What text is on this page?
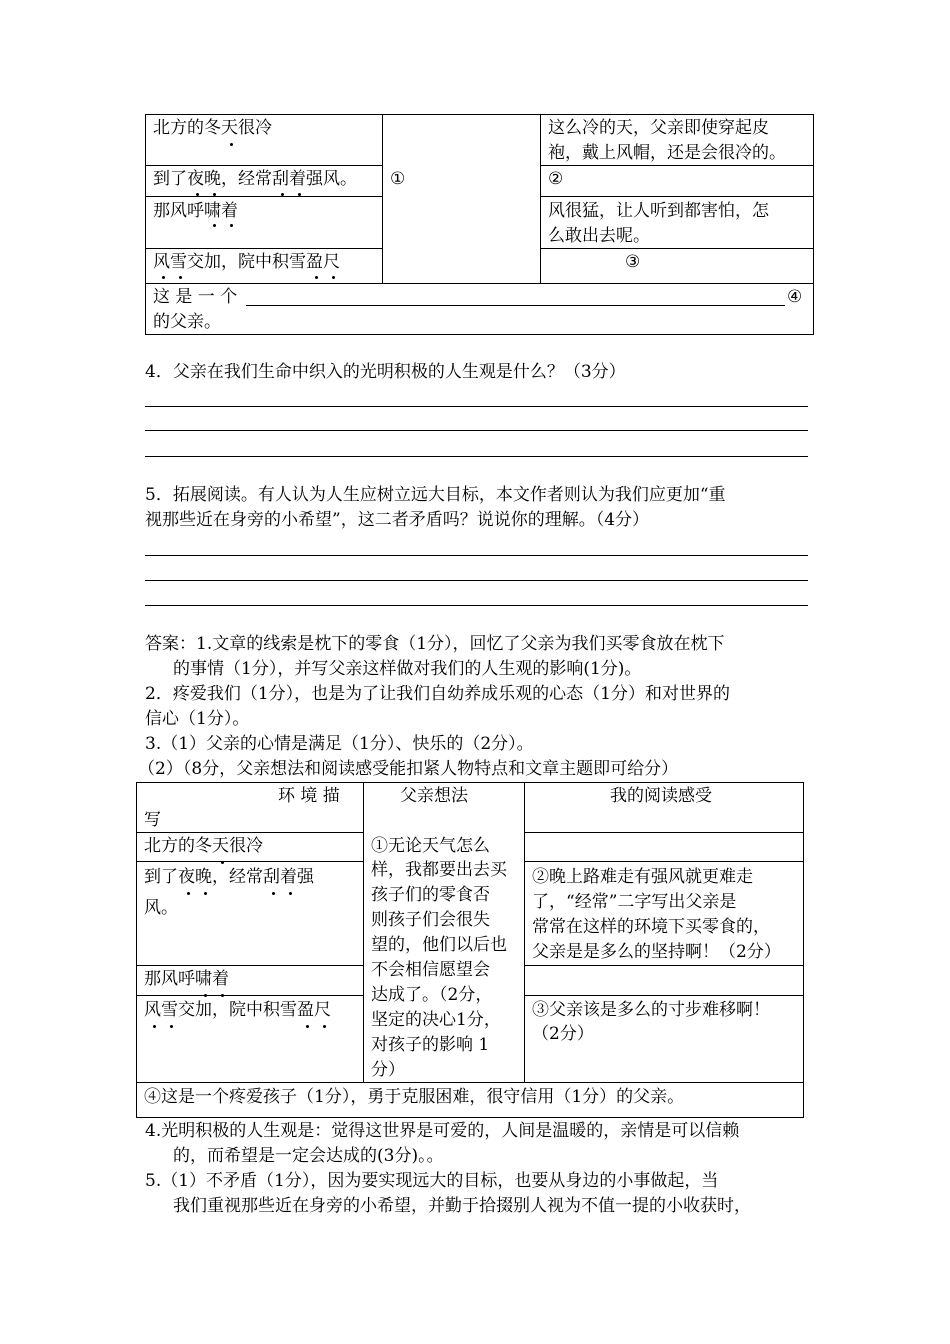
北方的冬天很冷
到了夜晚，经常刮着强风。
那风呼啸着
风雪交加，院中积雪盈尺
①
这么冷的天，父亲即使穿起皮
袍，戴上风帽，还是会很冷的。
②
风很猛，让人听到都害怕，怎
么敢出去呢。
③
这 是 一 个	④
的父亲。
4．父亲在我们生命中织入的光明积极的人生观是什么？（3分）
5．拓展阅读。有人认为人生应树立远大目标，本文作者则认为我们应更加“重
视那些近在身旁的小希望”，这二者矛盾吗？说说你的理解。（4分）
答案：1.文章的线索是枕下的零食（1分），回忆了父亲为我们买零食放在枕下
的事情（1分），并写父亲这样做对我们的人生观的影响(1分)。
2．疼爱我们（1分），也是为了让我们自幼养成乐观的心态（1分）和对世界的
信心（1分）。
3.（1）父亲的心情是满足（1分）、快乐的（2分）。
（2）（8分，父亲想法和阅读感受能扣紧人物特点和文章主题即可给分）
环 境 描
写
父亲想法	我的阅读感受
北方的冬天很冷
到了夜晚，经常刮着强
风。
那风呼啸着
风雪交加，院中积雪盈尺
①无论天气怎么
样，我都要出去买
孩子们的零食否
则孩子们会很失
望的，他们以后也
不会相信愿望会
达成了。（2分，
坚定的决心1分，
对孩子的影响 1
分）
②晚上路难走有强风就更难走
了，“经常”二字写出父亲是
常常在这样的环境下买零食的，
父亲是是多么的坚持啊！（2分）
③父亲该是多么的寸步难移啊！
（2分）
④这是一个疼爱孩子（1分），勇于克服困难，很守信用（1分）的父亲。
4.光明积极的人生观是：觉得这世界是可爱的，人间是温暖的，亲情是可以信赖
的，而希望是一定会达成的(3分)。。
5.（1）不矛盾（1分），因为要实现远大的目标，也要从身边的小事做起，当
我们重视那些近在身旁的小希望，并勤于拾掇别人视为不值一提的小收获时，
